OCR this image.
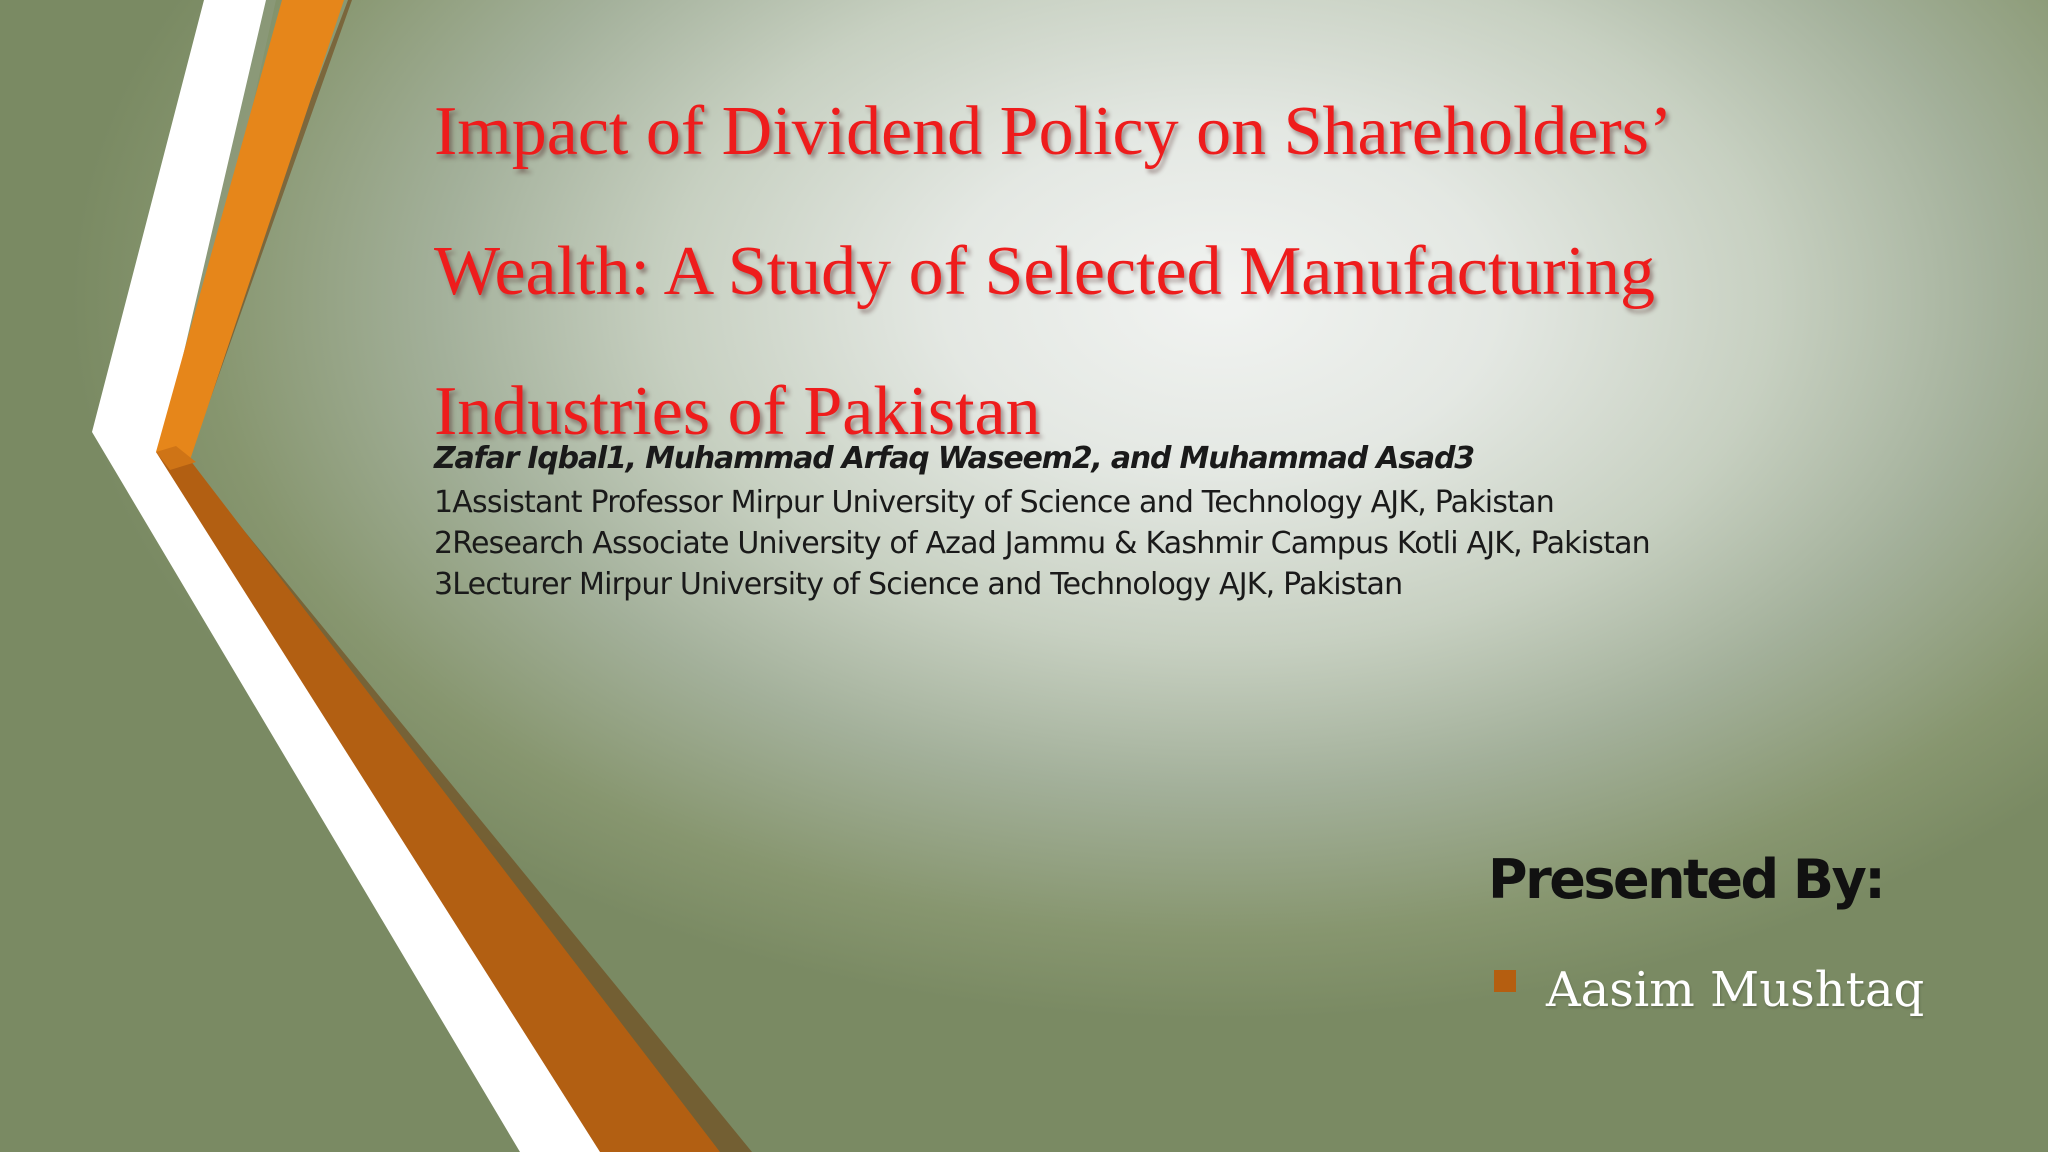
Impact of Dividend Policy on Shareholders’
Wealth: A Study of Selected Manufacturing
Industries of Pakistan

Zafar Iqbal1, Muhammad Arfaq Waseem2, and Muhammad Asad3

1Assistant Professor Mirpur University of Science and Technology AJK, Pakistan
2Research Associate University of Azad Jammu & Kashmir Campus Kotli AJK, Pakistan
3Lecturer Mirpur University of Science and Technology AJK, Pakistan

Presented By:

Aasim Mushtaq
